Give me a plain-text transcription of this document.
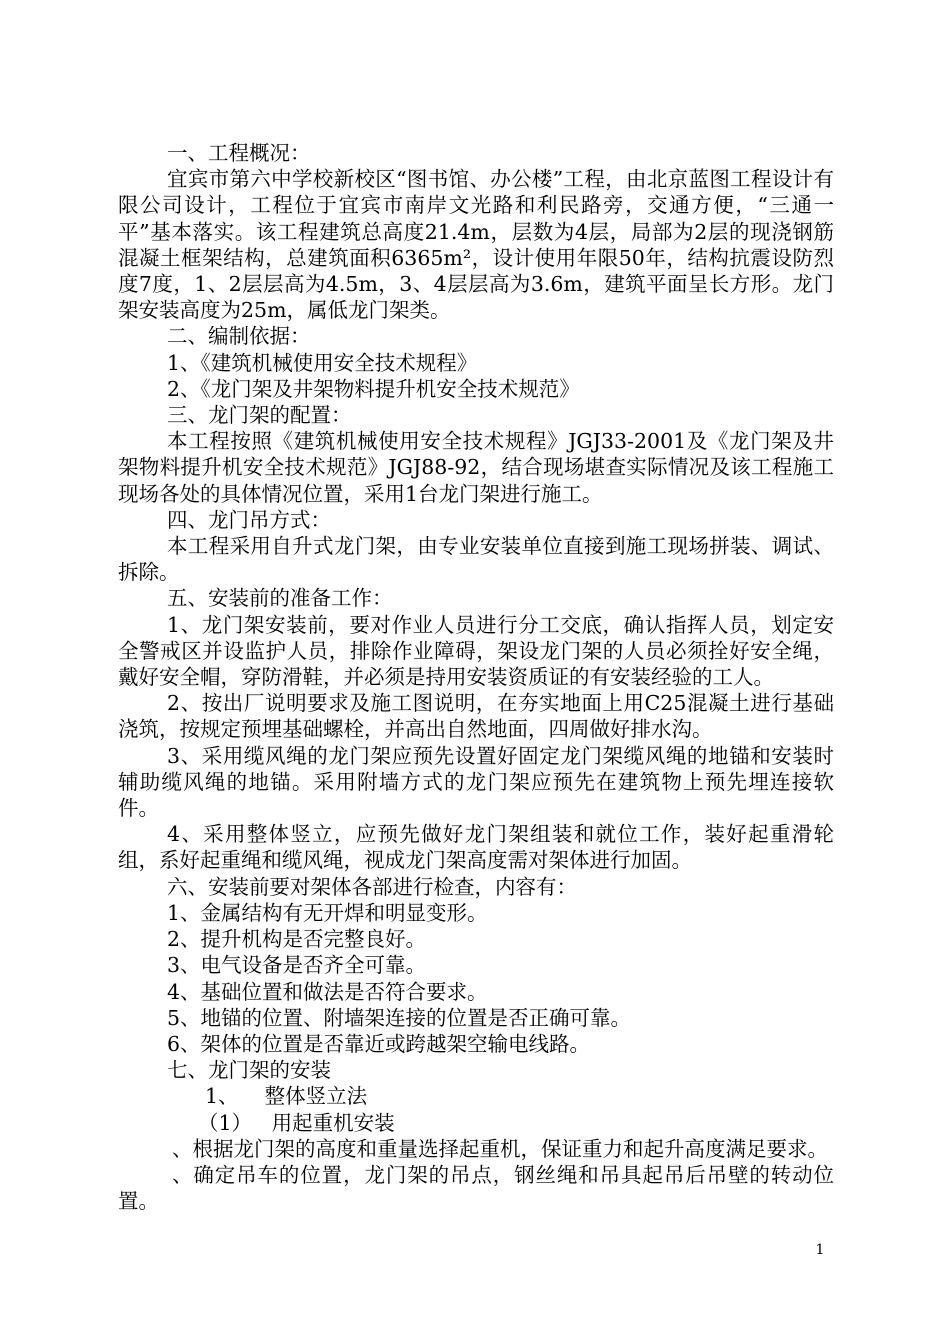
一、工程概况：

宜宾市第六中学校新校区“图书馆、办公楼”工程，由北京蓝图工程设计有限公司设计，工程位于宜宾市南岸文光路和利民路旁，交通方便，“三通一平”基本落实。该工程建筑总高度21.4m，层数为4层，局部为2层的现浇钢筋混凝土框架结构，总建筑面积6365m²，设计使用年限50年，结构抗震设防烈度7度，1、2层层高为4.5m，3、4层层高为3.6m，建筑平面呈长方形。龙门架安装高度为25m，属低龙门架类。

二、编制依据：

1、《建筑机械使用安全技术规程》

2、《龙门架及井架物料提升机安全技术规范》

三、龙门架的配置：

本工程按照《建筑机械使用安全技术规程》JGJ33-2001及《龙门架及井架物料提升机安全技术规范》JGJ88-92，结合现场堪查实际情况及该工程施工现场各处的具体情况位置，采用1台龙门架进行施工。

四、龙门吊方式：

本工程采用自升式龙门架，由专业安装单位直接到施工现场拼装、调试、拆除。

五、安装前的准备工作：

1、龙门架安装前，要对作业人员进行分工交底，确认指挥人员，划定安全警戒区并设监护人员，排除作业障碍，架设龙门架的人员必须拴好安全绳，戴好安全帽，穿防滑鞋，并必须是持用安装资质证的有安装经验的工人。

2、按出厂说明要求及施工图说明，在夯实地面上用C25混凝土进行基础浇筑，按规定预埋基础螺栓，并高出自然地面，四周做好排水沟。

3、采用缆风绳的龙门架应预先设置好固定龙门架缆风绳的地锚和安装时辅助缆风绳的地锚。采用附墙方式的龙门架应预先在建筑物上预先埋连接软件。

4、采用整体竖立，应预先做好龙门架组装和就位工作，装好起重滑轮组，系好起重绳和缆风绳，视成龙门架高度需对架体进行加固。

六、安装前要对架体各部进行检查，内容有：

1、金属结构有无开焊和明显变形。

2、提升机构是否完整良好。

3、电气设备是否齐全可靠。

4、基础位置和做法是否符合要求。

5、地锚的位置、附墙架连接的位置是否正确可靠。

6、架体的位置是否靠近或跨越架空输电线路。

七、龙门架的安装

1、    整体竖立法

（1）   用起重机安装

、根据龙门架的高度和重量选择起重机，保证重力和起升高度满足要求。

、确定吊车的位置，龙门架的吊点，钢丝绳和吊具起吊后吊壁的转动位置。

1
